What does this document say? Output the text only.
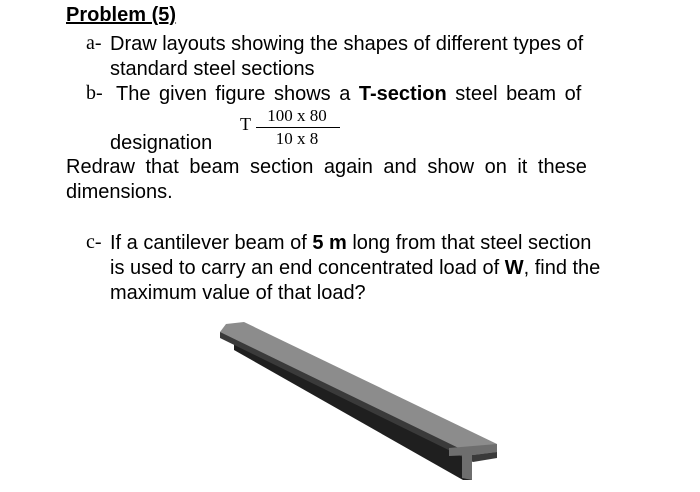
Problem (5)
a- Draw layouts showing the shapes of different types of
standard steel sections
b- The given figure shows a T-section steel beam of
designation
T 100 x 80
10 x 8
Redraw that beam section again and show on it these
dimensions.
c- If a cantilever beam of 5 m long from that steel section
is used to carry an end concentrated load of W, find the
maximum value of that load?
